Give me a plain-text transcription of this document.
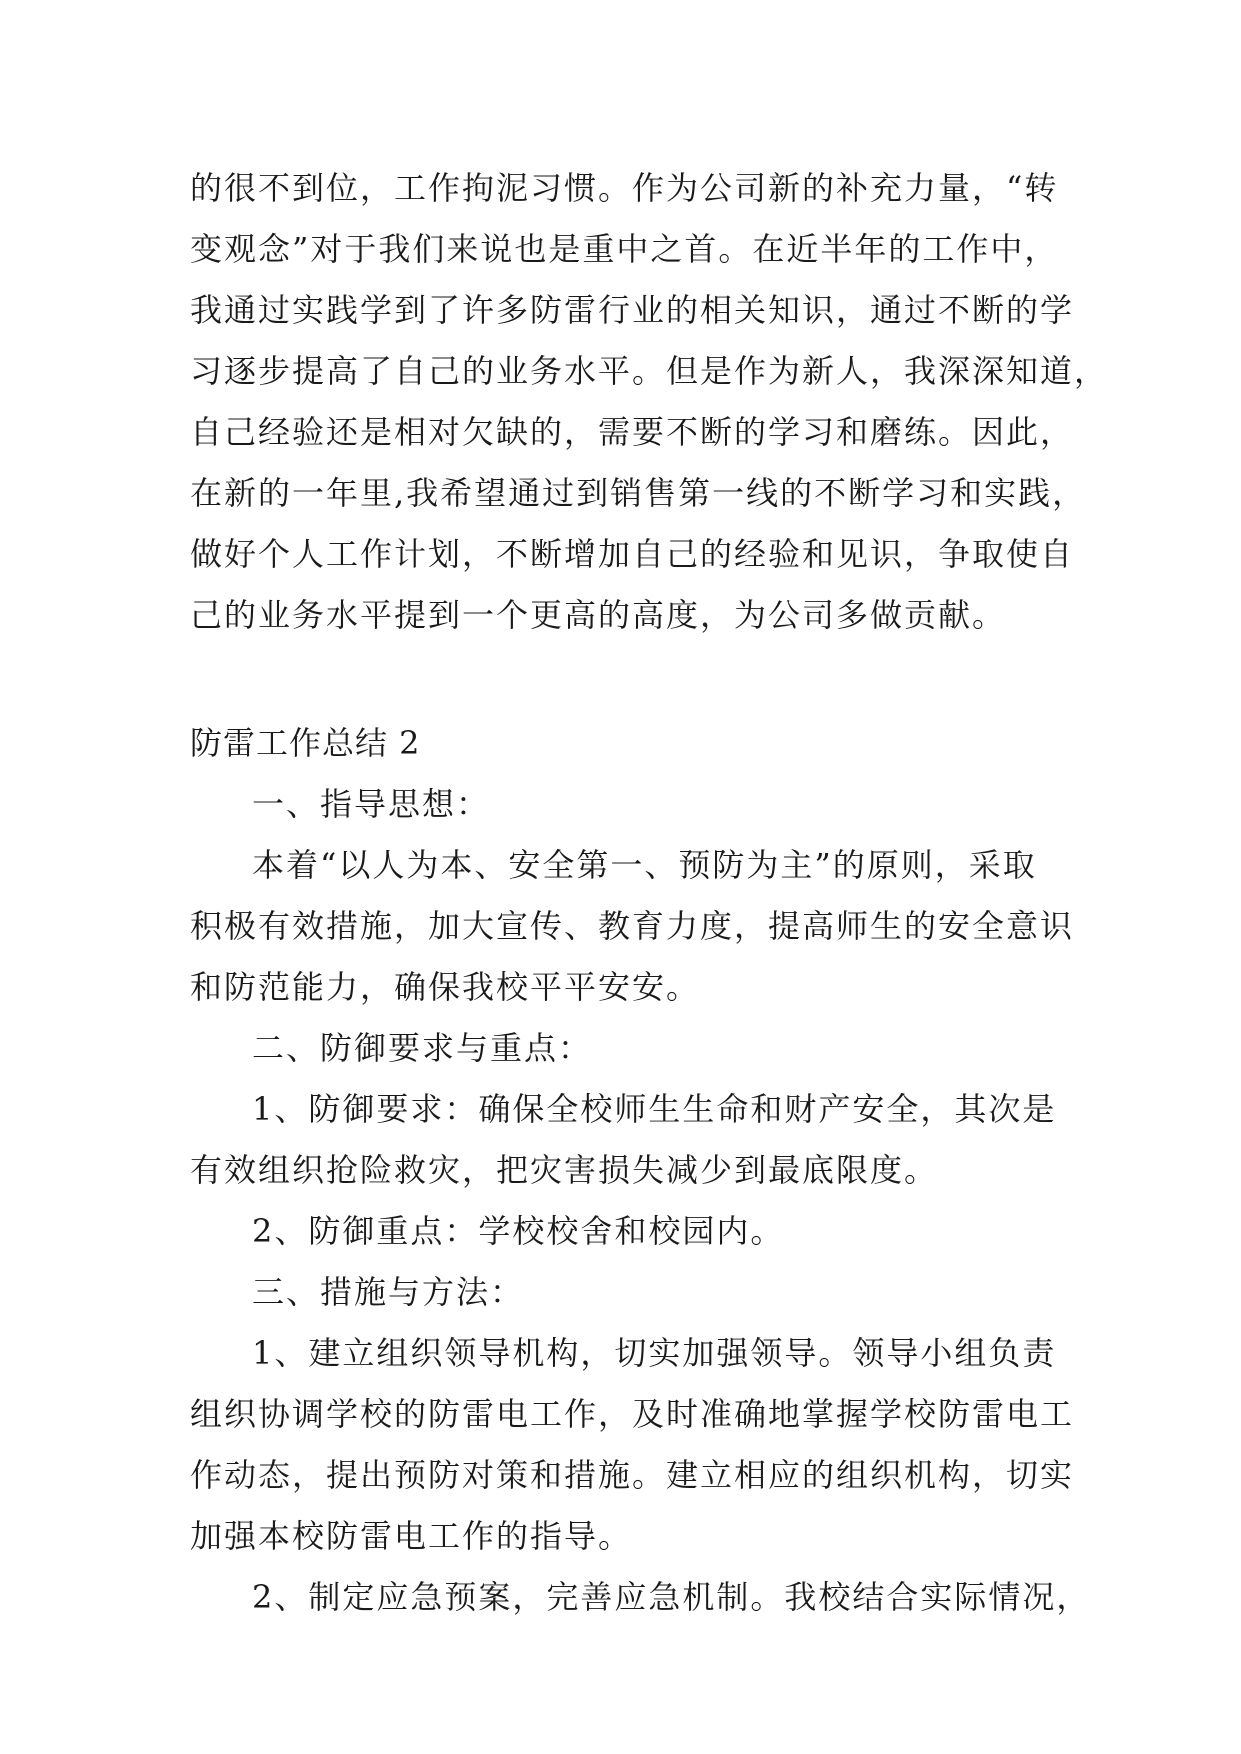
的很不到位，工作拘泥习惯。作为公司新的补充力量，“转
变观念”对于我们来说也是重中之首。在近半年的工作中，
我通过实践学到了许多防雷行业的相关知识，通过不断的学
习逐步提高了自己的业务水平。但是作为新人，我深深知道，
自己经验还是相对欠缺的，需要不断的学习和磨练。因此，
在新的一年里,我希望通过到销售第一线的不断学习和实践，
做好个人工作计划，不断增加自己的经验和见识，争取使自
己的业务水平提到一个更高的高度，为公司多做贡献。
防雷工作总结 2
一、指导思想：
本着“以人为本、安全第一、预防为主”的原则，采取
积极有效措施，加大宣传、教育力度，提高师生的安全意识
和防范能力，确保我校平平安安。
二、防御要求与重点：
1、防御要求：确保全校师生生命和财产安全，其次是
有效组织抢险救灾，把灾害损失减少到最底限度。
2、防御重点：学校校舍和校园内。
三、措施与方法：
1、建立组织领导机构，切实加强领导。领导小组负责
组织协调学校的防雷电工作，及时准确地掌握学校防雷电工
作动态，提出预防对策和措施。建立相应的组织机构，切实
加强本校防雷电工作的指导。
2、制定应急预案，完善应急机制。我校结合实际情况，
